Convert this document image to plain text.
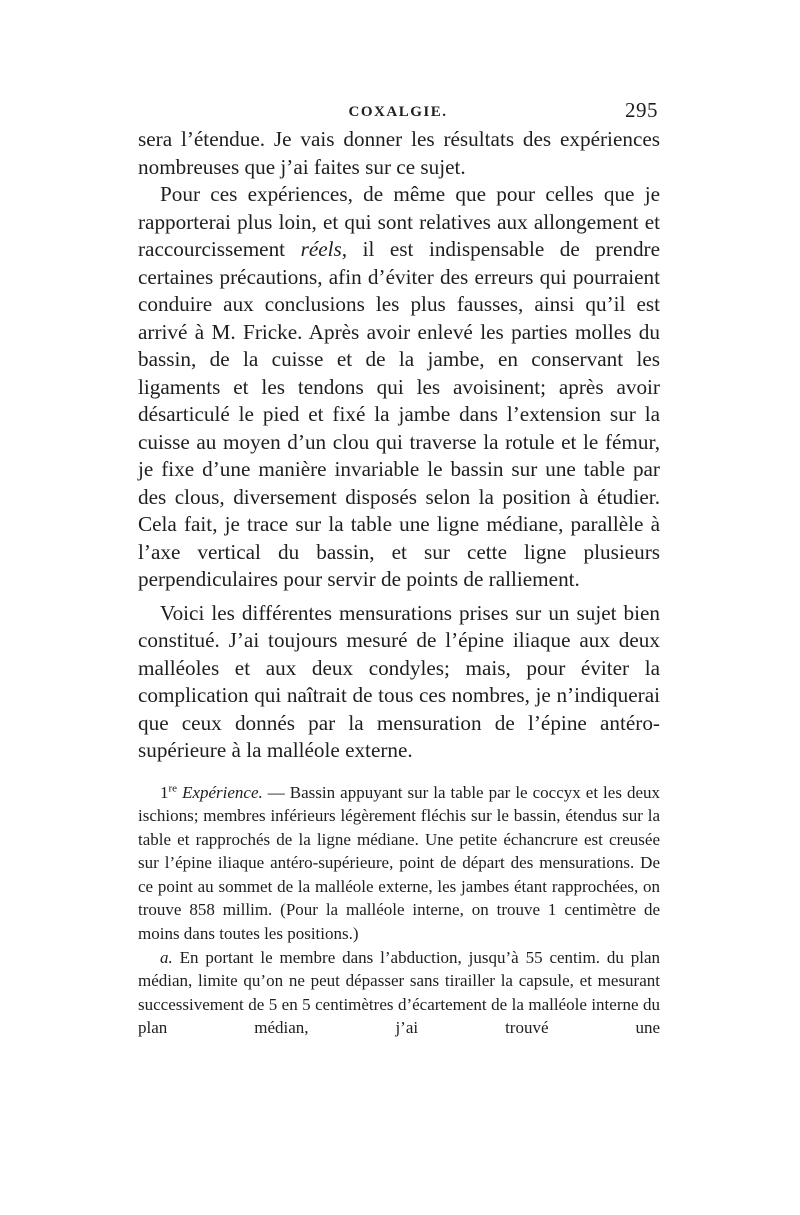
COXALGIE.	295

sera l’étendue. Je vais donner les résultats des expériences nombreuses que j’ai faites sur ce sujet.

Pour ces expériences, de même que pour celles que je rapporterai plus loin, et qui sont relatives aux allongement et raccourcissement réels, il est indispensable de prendre certaines précautions, afin d’éviter des erreurs qui pourraient conduire aux conclusions les plus fausses, ainsi qu’il est arrivé à M. Fricke. Après avoir enlevé les parties molles du bassin, de la cuisse et de la jambe, en conservant les ligaments et les tendons qui les avoisinent; après avoir désarticulé le pied et fixé la jambe dans l’extension sur la cuisse au moyen d’un clou qui traverse la rotule et le fémur, je fixe d’une manière invariable le bassin sur une table par des clous, diversement disposés selon la position à étudier. Cela fait, je trace sur la table une ligne médiane, parallèle à l’axe vertical du bassin, et sur cette ligne plusieurs perpendiculaires pour servir de points de ralliement.

Voici les différentes mensurations prises sur un sujet bien constitué. J’ai toujours mesuré de l’épine iliaque aux deux malléoles et aux deux condyles; mais, pour éviter la complication qui naîtrait de tous ces nombres, je n’indiquerai que ceux donnés par la mensuration de l’épine antéro-supérieure à la malléole externe.

1re Expérience. — Bassin appuyant sur la table par le coccyx et les deux ischions; membres inférieurs légèrement fléchis sur le bassin, étendus sur la table et rapprochés de la ligne médiane. Une petite échancrure est creusée sur l’épine iliaque antéro-supérieure, point de départ des mensurations. De ce point au sommet de la malléole externe, les jambes étant rapprochées, on trouve 858 millim. (Pour la malléole interne, on trouve 1 centimètre de moins dans toutes les positions.)

a. En portant le membre dans l’abduction, jusqu’à 55 centim. du plan médian, limite qu’on ne peut dépasser sans tirailler la capsule, et mesurant successivement de 5 en 5 centimètres d’écartement de la malléole interne du plan médian, j’ai trouvé une
